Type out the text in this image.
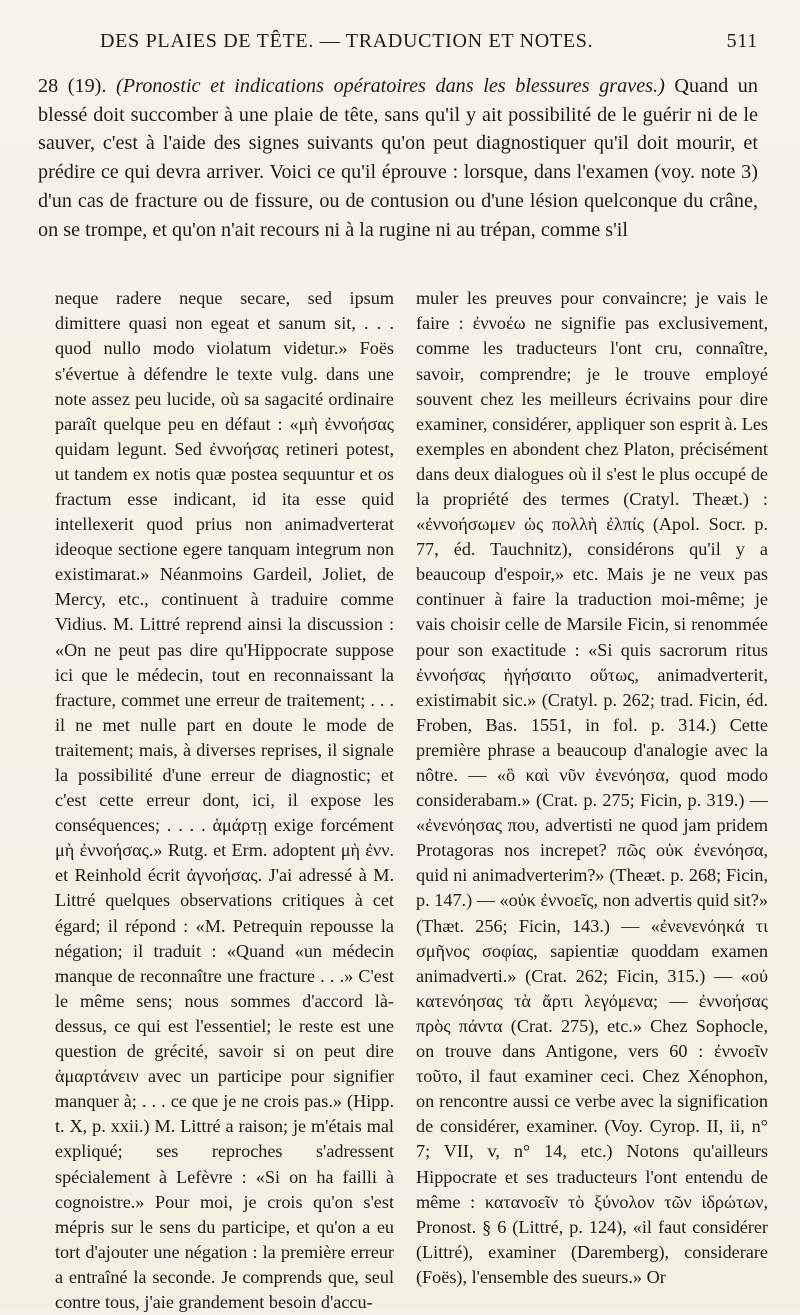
DES PLAIES DE TÊTE. — TRADUCTION ET NOTES.	511
28 (19). (Pronostic et indications opératoires dans les blessures graves.) Quand un blessé doit succomber à une plaie de tête, sans qu'il y ait possibilité de le guérir ni de le sauver, c'est à l'aide des signes suivants qu'on peut diagnostiquer qu'il doit mourir, et prédire ce qui devra arriver. Voici ce qu'il éprouve : lorsque, dans l'examen (voy. note 3) d'un cas de fracture ou de fissure, ou de contusion ou d'une lésion quelconque du crâne, on se trompe, et qu'on n'ait recours ni à la rugine ni au trépan, comme s'il

neque radere neque secare, sed ipsum dimittere quasi non egeat et sanum sit, . . . quod nullo modo violatum videtur.» Foës s'évertue à défendre le texte vulg. dans une note assez peu lucide, où sa sagacité ordinaire paraît quelque peu en défaut : «μὴ ἐννοήσας quidam legunt. Sed ἐννοήσας retineri potest, ut tandem ex notis quæ postea sequuntur et os fractum esse indicant, id ita esse quid intellexerit quod prius non animadverterat ideoque sectione egere tanquam integrum non existimarat.» Néanmoins Gardeil, Joliet, de Mercy, etc., continuent à traduire comme Vidius. M. Littré reprend ainsi la discussion : «On ne peut pas dire qu'Hippocrate suppose ici que le médecin, tout en reconnaissant la fracture, commet une erreur de traitement; . . . il ne met nulle part en doute le mode de traitement; mais, à diverses reprises, il signale la possibilité d'une erreur de diagnostic; et c'est cette erreur dont, ici, il expose les conséquences; . . . . ἁμάρτῃ exige forcément μὴ ἐννοήσας.» Rutg. et Erm. adoptent μὴ ἐνν. et Reinhold écrit ἀγνοήσας. J'ai adressé à M. Littré quelques observations critiques à cet égard; il répond : «M. Petrequin repousse la négation; il traduit : «Quand «un médecin manque de reconnaître une fracture . . .» C'est le même sens; nous sommes d'accord là-dessus, ce qui est l'essentiel; le reste est une question de grécité, savoir si on peut dire ἁμαρτάνειν avec un participe pour signifier manquer à; . . . ce que je ne crois pas.» (Hipp. t. X, p. xxii.) M. Littré a raison; je m'étais mal expliqué; ses reproches s'adressent spécialement à Lefèvre : «Si on ha failli à cognoistre.» Pour moi, je crois qu'on s'est mépris sur le sens du participe, et qu'on a eu tort d'ajouter une négation : la première erreur a entraîné la seconde. Je comprends que, seul contre tous, j'aie grandement besoin d'accu-

muler les preuves pour convaincre; je vais le faire : ἐννοέω ne signifie pas exclusivement, comme les traducteurs l'ont cru, connaître, savoir, comprendre; je le trouve employé souvent chez les meilleurs écrivains pour dire examiner, considérer, appliquer son esprit à. Les exemples en abondent chez Platon, précisément dans deux dialogues où il s'est le plus occupé de la propriété des termes (Cratyl. Theæt.) : «ἐννοήσωμεν ὡς πολλὴ ἐλπίς (Apol. Socr. p. 77, éd. Tauchnitz), considérons qu'il y a beaucoup d'espoir,» etc. Mais je ne veux pas continuer à faire la traduction moi-même; je vais choisir celle de Marsile Ficin, si renommée pour son exactitude : «Si quis sacrorum ritus ἐννοήσας ἡγήσαιτο οὕτως, animadverterit, existimabit sic.» (Cratyl. p. 262; trad. Ficin, éd. Froben, Bas. 1551, in fol. p. 314.) Cette première phrase a beaucoup d'analogie avec la nôtre. — «ὃ καὶ νῦν ἐνενόησα, quod modo considerabam.» (Crat. p. 275; Ficin, p. 319.) — «ἐνενόησας που, advertisti ne quod jam pridem Protagoras nos increpet? πῶς οὐκ ἐνενόησα, quid ni animadverterim?» (Theæt. p. 268; Ficin, p. 147.) — «οὐκ ἐννοεῖς, non advertis quid sit?» (Thæt. 256; Ficin, 143.) — «ἐνενενόηκά τι σμῆνος σοφίας, sapientiæ quoddam examen animadverti.» (Crat. 262; Ficin, 315.) — «οὐ κατενόησας τὰ ἄρτι λεγόμενα; — ἐννοήσας πρὸς πάντα (Crat. 275), etc.» Chez Sophocle, on trouve dans Antigone, vers 60 : ἐννοεῖν τοῦτο, il faut examiner ceci. Chez Xénophon, on rencontre aussi ce verbe avec la signification de considérer, examiner. (Voy. Cyrop. II, ii, n° 7; VII, v, n° 14, etc.) Notons qu'ailleurs Hippocrate et ses traducteurs l'ont entendu de même : κατανοεῖν τὸ ξύνολον τῶν ἱδρώτων, Pronost. § 6 (Littré, p. 124), «il faut considérer (Littré), examiner (Daremberg), considerare (Foës), l'ensemble des sueurs.» Or
